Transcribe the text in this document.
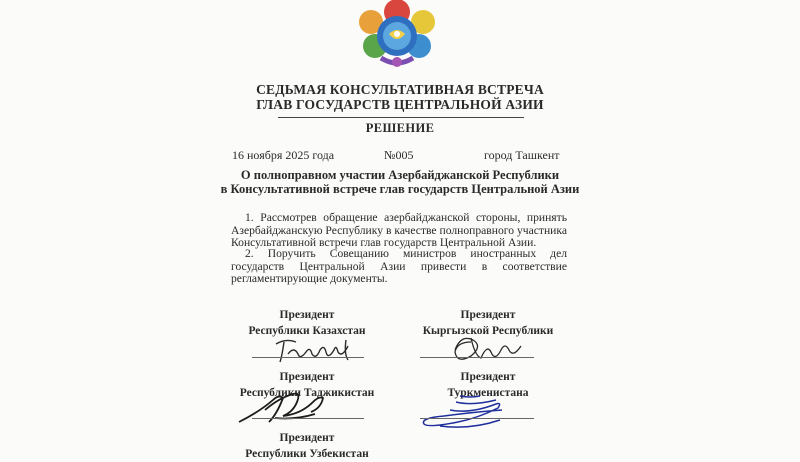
СЕДЬМАЯ КОНСУЛЬТАТИВНАЯ ВСТРЕЧА
ГЛАВ ГОСУДАРСТВ ЦЕНТРАЛЬНОЙ АЗИИ
РЕШЕНИЕ
16 ноября 2025 года	№005	город Ташкент
О полноправном участии Азербайджанской Республики
в Консультативной встрече глав государств Центральной Азии
1. Рассмотрев обращение азербайджанской стороны, принять Азербайджанскую Республику в качестве полноправного участника Консультативной встречи глав государств Центральной Азии.
2. Поручить Совещанию министров иностранных дел государств Центральной Азии привести в соответствие регламентирующие документы.
Президент
Республики Казахстан
Президент
Кыргызской Республики
Президент
Республики Таджикистан
Президент
Туркменистана
Президент
Республики Узбекистан
